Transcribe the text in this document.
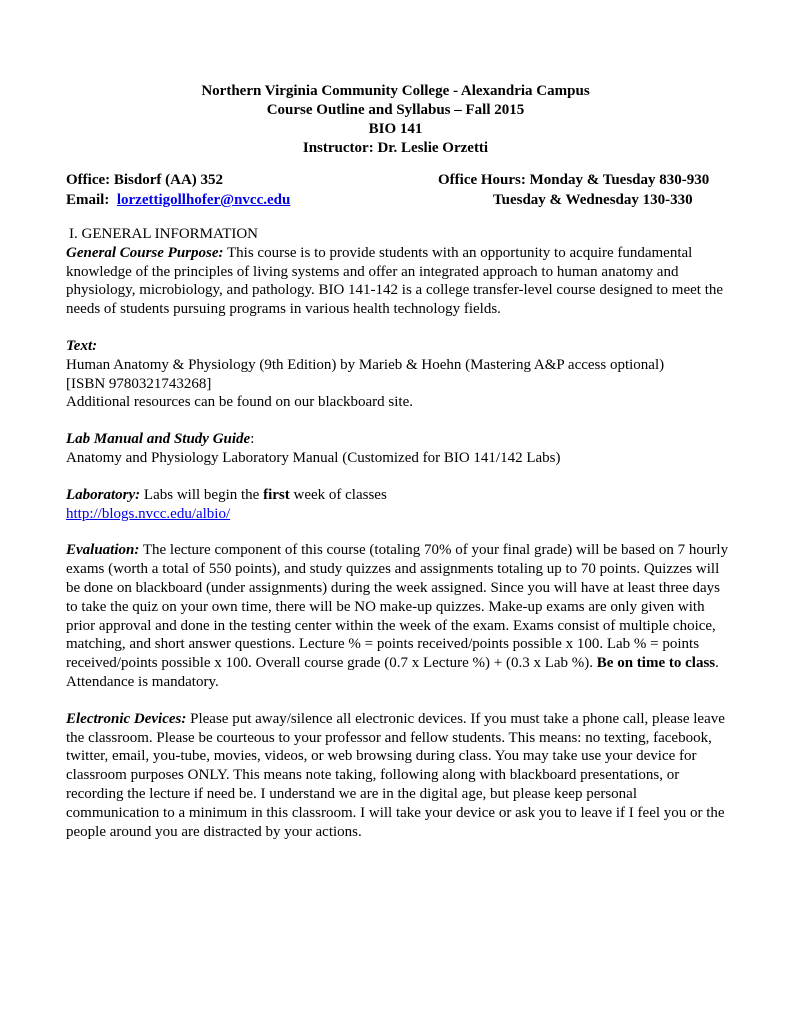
Northern Virginia Community College - Alexandria Campus
Course Outline and Syllabus – Fall 2015
BIO 141
Instructor: Dr. Leslie Orzetti
Office: Bisdorf (AA) 352	Office Hours: Monday & Tuesday 830-930
Email:  lorzettigollhofer@nvcc.edu	Tuesday & Wednesday 130-330
I. GENERAL INFORMATION

General Course Purpose: This course is to provide students with an opportunity to acquire fundamental knowledge of the principles of living systems and offer an integrated approach to human anatomy and physiology, microbiology, and pathology. BIO 141-142 is a college transfer-level course designed to meet the needs of students pursuing programs in various health technology fields.

Text:

Human Anatomy & Physiology (9th Edition) by Marieb & Hoehn (Mastering A&P access optional)

[ISBN 9780321743268]

Additional resources can be found on our blackboard site.

Lab Manual and Study Guide:

Anatomy and Physiology Laboratory Manual (Customized for BIO 141/142 Labs)

Laboratory: Labs will begin the first week of classes

http://blogs.nvcc.edu/albio/

Evaluation: The lecture component of this course (totaling 70% of your final grade) will be based on 7 hourly exams (worth a total of 550 points), and study quizzes and assignments totaling up to 70 points. Quizzes will be done on blackboard (under assignments) during the week assigned. Since you will have at least three days to take the quiz on your own time, there will be NO make-up quizzes. Make-up exams are only given with prior approval and done in the testing center within the week of the exam. Exams consist of multiple choice, matching, and short answer questions. Lecture % = points received/points possible x 100. Lab % = points received/points possible x 100. Overall course grade (0.7 x Lecture %) + (0.3 x Lab %). Be on time to class. Attendance is mandatory.

Electronic Devices: Please put away/silence all electronic devices. If you must take a phone call, please leave the classroom. Please be courteous to your professor and fellow students. This means: no texting, facebook, twitter, email, you-tube, movies, videos, or web browsing during class. You may take use your device for classroom purposes ONLY. This means note taking, following along with blackboard presentations, or recording the lecture if need be. I understand we are in the digital age, but please keep personal communication to a minimum in this classroom. I will take your device or ask you to leave if I feel you or the people around you are distracted by your actions.
